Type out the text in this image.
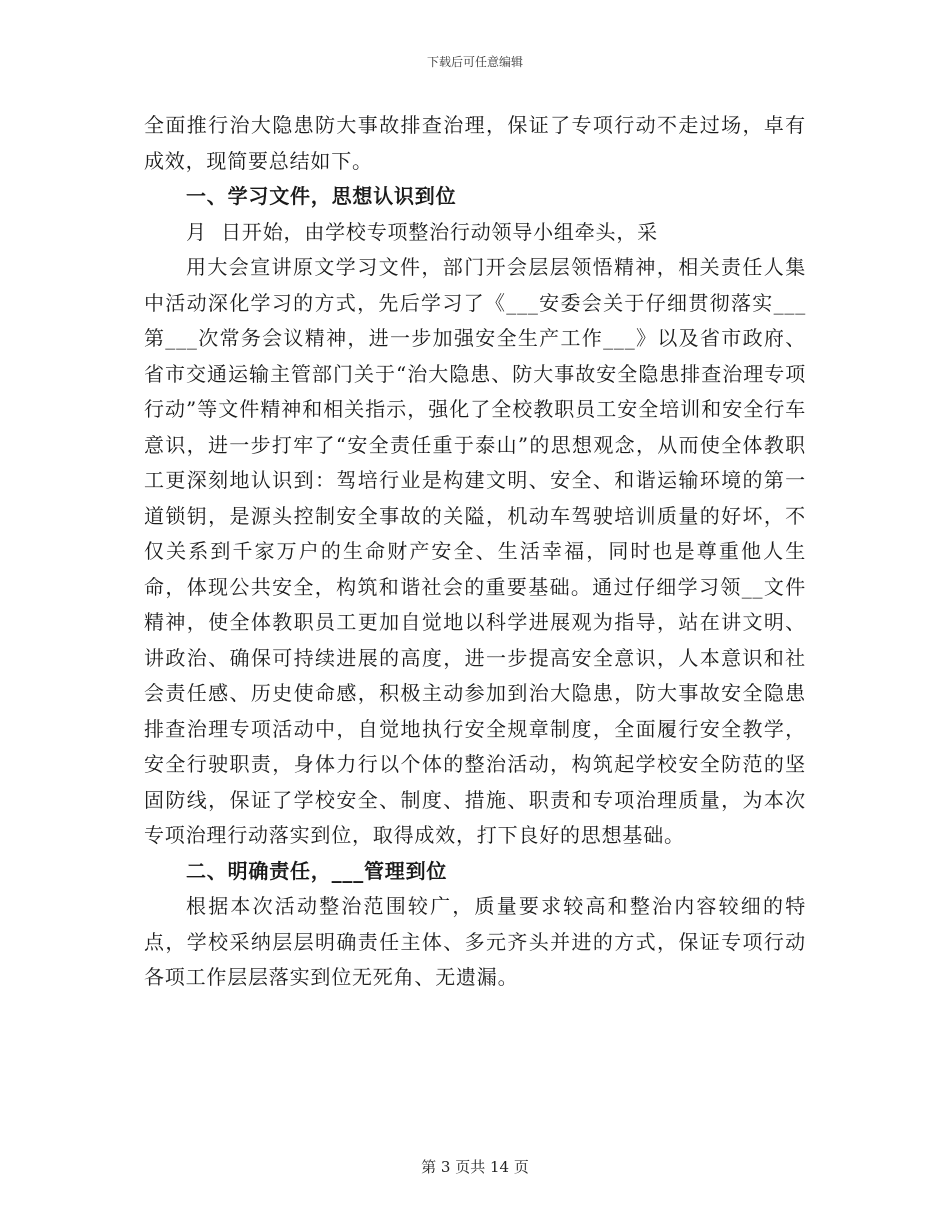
下载后可任意编辑

全面推行治大隐患防大事故排查治理，保证了专项行动不走过场，卓有成效，现简要总结如下。

一、学习文件，思想认识到位

月  日开始，由学校专项整治行动领导小组牵头，采

用大会宣讲原文学习文件，部门开会层层领悟精神，相关责任人集中活动深化学习的方式，先后学习了《___安委会关于仔细贯彻落实___第___次常务会议精神，进一步加强安全生产工作___》以及省市政府、省市交通运输主管部门关于“治大隐患、防大事故安全隐患排查治理专项行动”等文件精神和相关指示，强化了全校教职员工安全培训和安全行车意识，进一步打牢了“安全责任重于泰山”的思想观念，从而使全体教职工更深刻地认识到：驾培行业是构建文明、安全、和谐运输环境的第一道锁钥，是源头控制安全事故的关隘，机动车驾驶培训质量的好坏，不仅关系到千家万户的生命财产安全、生活幸福，同时也是尊重他人生命，体现公共安全，构筑和谐社会的重要基础。通过仔细学习领__文件精神，使全体教职员工更加自觉地以科学进展观为指导，站在讲文明、讲政治、确保可持续进展的高度，进一步提高安全意识，人本意识和社会责任感、历史使命感，积极主动参加到治大隐患，防大事故安全隐患排查治理专项活动中，自觉地执行安全规章制度，全面履行安全教学，安全行驶职责，身体力行以个体的整治活动，构筑起学校安全防范的坚固防线，保证了学校安全、制度、措施、职责和专项治理质量，为本次专项治理行动落实到位，取得成效，打下良好的思想基础。

二、明确责任，___管理到位

根据本次活动整治范围较广，质量要求较高和整治内容较细的特点，学校采纳层层明确责任主体、多元齐头并进的方式，保证专项行动各项工作层层落实到位无死角、无遗漏。

第 3 页共 14 页
